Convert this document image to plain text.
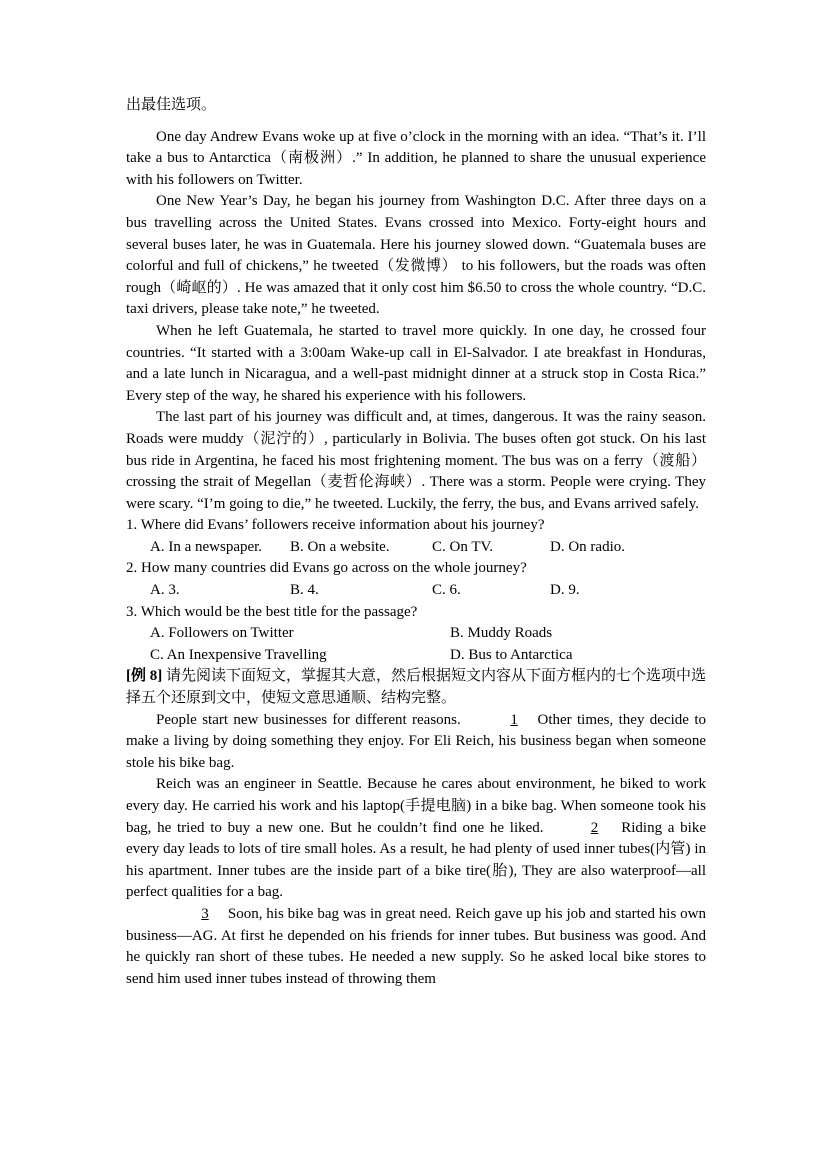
出最佳选项。

One day Andrew Evans woke up at five o’clock in the morning with an idea. “That’s it. I’ll take a bus to Antarctica（南极洲）.” In addition, he planned to share the unusual experience with his followers on Twitter.

One New Year’s Day, he began his journey from Washington D.C. After three days on a bus travelling across the United States. Evans crossed into Mexico. Forty-eight hours and several buses later, he was in Guatemala. Here his journey slowed down. “Guatemala buses are colorful and full of chickens,” he tweeted（发微博） to his followers, but the roads was often rough（崎岖的）. He was amazed that it only cost him $6.50 to cross the whole country. “D.C. taxi drivers, please take note,” he tweeted.

When he left Guatemala, he started to travel more quickly. In one day, he crossed four countries. “It started with a 3:00am Wake-up call in El-Salvador. I ate breakfast in Honduras, and a late lunch in Nicaragua, and a well-past midnight dinner at a struck stop in Costa Rica.” Every step of the way, he shared his experience with his followers.

The last part of his journey was difficult and, at times, dangerous. It was the rainy season. Roads were muddy（泥泞的）, particularly in Bolivia. The buses often got stuck. On his last bus ride in Argentina, he faced his most frightening moment. The bus was on a ferry（渡船）crossing the strait of Megellan（麦哲伦海峡）. There was a storm. People were crying. They were scary. “I’m going to die,” he tweeted. Luckily, the ferry, the bus, and Evans arrived safely.

1. Where did Evans’ followers receive information about his journey?

A. In a newspaper.	B. On a website.	C. On TV.	D. On radio.

2. How many countries did Evans go across on the whole journey?

A. 3.	B. 4.	C. 6.	D. 9.

3. Which would be the best title for the passage?

A. Followers on Twitter	B. Muddy Roads
C. An Inexpensive Travelling	D. Bus to Antarctica

[例 8] 请先阅读下面短文，掌握其大意，然后根据短文内容从下面方框内的七个选项中选择五个还原到文中，使短文意思通顺、结构完整。

People start new businesses for different reasons.	1 Other times, they decide to make a living by doing something they enjoy. For Eli Reich, his business began when someone stole his bike bag.

Reich was an engineer in Seattle. Because he cares about environment, he biked to work every day. He carried his work and his laptop(手提电脑) in a bike bag. When someone took his bag, he tried to buy a new one. But he couldn’t find one he liked.	2 Riding a bike every day leads to lots of tire small holes. As a result, he had plenty of used inner tubes(内管) in his apartment. Inner tubes are the inside part of a bike tire(胎), They are also waterproof—all perfect qualities for a bag.

3 Soon, his bike bag was in great need. Reich gave up his job and started his own business—AG. At first he depended on his friends for inner tubes. But business was good. And he quickly ran short of these tubes. He needed a new supply. So he asked local bike stores to send him used inner tubes instead of throwing them
